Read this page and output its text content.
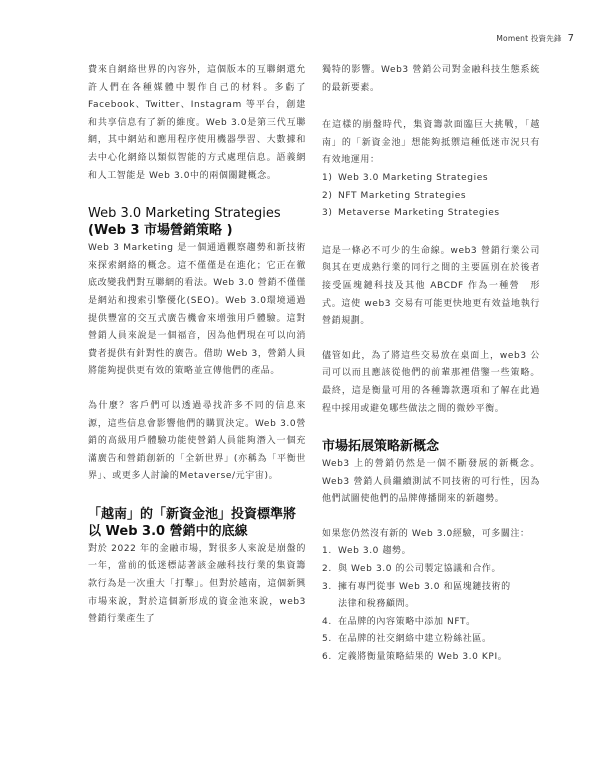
Moment 投資先鋒 7

費來自網絡世界的內容外，這個版本的互聯網還允許人們在各種媒體中製作自己的材料。多虧了 Facebook、Twitter、Instagram 等平台，創建和共享信息有了新的維度。Web 3.0是第三代互聯網，其中網站和應用程序使用機器學習、大數據和去中心化網絡以類似智能的方式處理信息。語義網和人工智能是 Web 3.0中的兩個關鍵概念。

Web 3.0 Marketing Strategies
(Web 3 市場營銷策略 )

Web 3 Marketing 是一個通過觀察趨勢和新技術來探索網絡的概念。這不僅僅是在進化；它正在徹底改變我們對互聯網的看法。Web 3.0 營銷不僅僅是網站和搜索引擎優化(SEO)。Web 3.0環境通過提供豐富的交互式廣告機會來增強用戶體驗。這對營銷人員來說是一個福音，因為他們現在可以向消費者提供有針對性的廣告。借助 Web 3，營銷人員將能夠提供更有效的策略並宣傳他們的產品。

為什麼？客戶們可以透過尋找許多不同的信息來源，這些信息會影響他們的購買決定。Web 3.0營銷的高級用戶體驗功能使營銷人員能夠潛入一個充滿廣告和營銷創新的「全新世界」(亦稱為「平衡世界」、或更多人討論的Metaverse/元宇宙)。

「越南」的「新資金池」投資標準將
以 Web 3.0 營銷中的底線

對於 2022 年的金融市場，對很多人來說是崩盤的一年，當前的低迷標誌著該金融科技行業的集資籌款行為是一次重大「打擊」。但對於越南，這個新興市場來說，對於這個新形成的資金池來說，web3 營銷行業產生了

獨特的影響。Web3 營銷公司對金融科技生態系統的最新要素。

在這樣的崩盤時代，集資籌款面臨巨大挑戰，「越南」的「新資金池」想能夠抵禦這種低迷市況只有有效地運用：

1) Web 3.0 Marketing Strategies
2) NFT Marketing Strategies
3) Metaverse Marketing Strategies

這是一條必不可少的生命線。web3 營銷行業公司與其在更成熟行業的同行之間的主要區別在於後者接受區塊鏈科技及其他 ABCDF 作為一種營　形式。這使 web3 交易有可能更快地更有效益地執行營銷規劃。

儘管如此，為了將這些交易放在桌面上，web3 公司可以而且應該從他們的前輩那裡借鑒一些策略。最終，這是衡量可用的各種籌款選項和了解在此過程中採用或避免哪些做法之間的微妙平衡。

市場拓展策略新概念

Web3 上的營銷仍然是一個不斷發展的新概念。Web3 營銷人員繼續測試不同技術的可行性，因為他們試圖使他們的品牌傳播開來的新趨勢。

如果您仍然沒有新的 Web 3.0經驗，可多關注：

1. Web 3.0 趨勢。
2. 與 Web 3.0 的公司製定協議和合作。
3. 擁有專門從事 Web 3.0 和區塊鏈技術的
法律和稅務顧問。
4. 在品牌的內容策略中添加 NFT。
5. 在品牌的社交網絡中建立粉絲社區。
6. 定義將衡量策略結果的 Web 3.0 KPI。
